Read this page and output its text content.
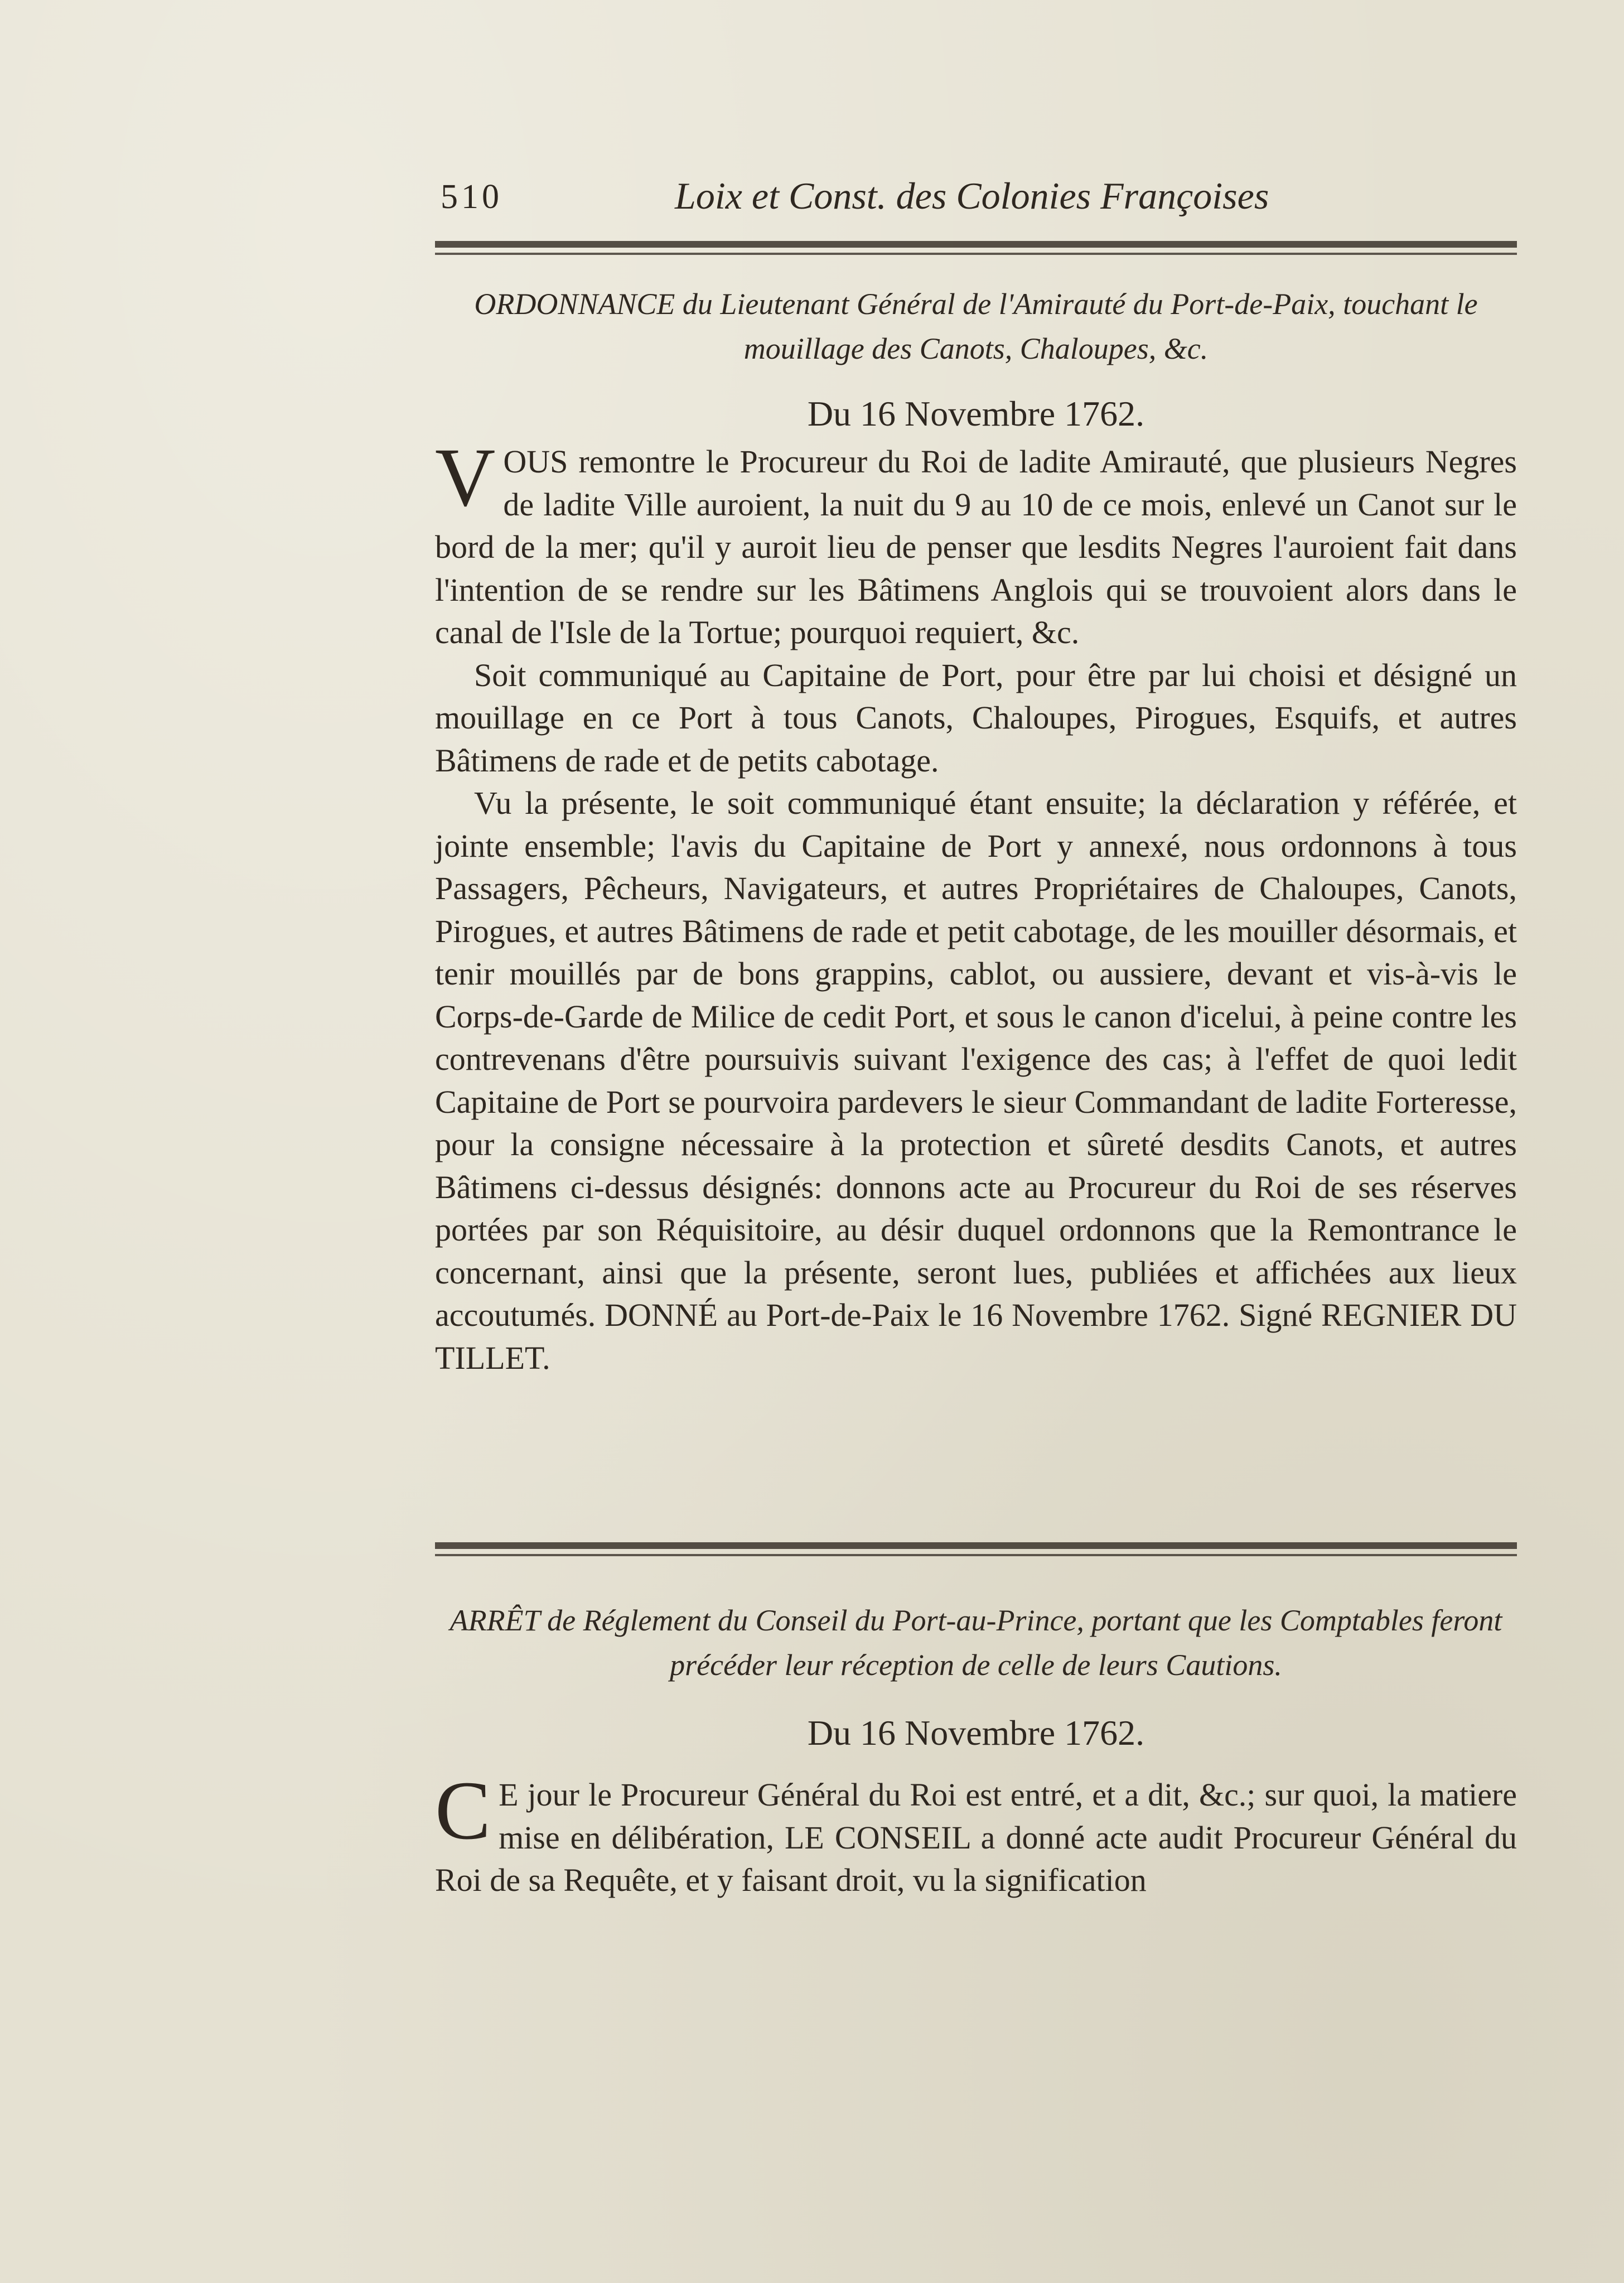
510	Loix et Const. des Colonies Françoises
ORDONNANCE du Lieutenant Général de l'Amirauté du Port-de-Paix, touchant le mouillage des Canots, Chaloupes, &c.
Du 16 Novembre 1762.

VOUS remontre le Procureur du Roi de ladite Amirauté, que plusieurs Negres de ladite Ville auroient, la nuit du 9 au 10 de ce mois, enlevé un Canot sur le bord de la mer; qu'il y auroit lieu de penser que lesdits Negres l'auroient fait dans l'intention de se rendre sur les Bâtimens Anglois qui se trouvoient alors dans le canal de l'Isle de la Tortue; pourquoi requiert, &c.

Soit communiqué au Capitaine de Port, pour être par lui choisi et désigné un mouillage en ce Port à tous Canots, Chaloupes, Pirogues, Esquifs, et autres Bâtimens de rade et de petits cabotage.

Vu la présente, le soit communiqué étant ensuite; la déclaration y référée, et jointe ensemble; l'avis du Capitaine de Port y annexé, nous ordonnons à tous Passagers, Pêcheurs, Navigateurs, et autres Propriétaires de Chaloupes, Canots, Pirogues, et autres Bâtimens de rade et petit cabotage, de les mouiller désormais, et tenir mouillés par de bons grappins, cablot, ou aussiere, devant et vis-à-vis le Corps-de-Garde de Milice de cedit Port, et sous le canon d'icelui, à peine contre les contrevenans d'être poursuivis suivant l'exigence des cas; à l'effet de quoi ledit Capitaine de Port se pourvoira pardevers le sieur Commandant de ladite Forteresse, pour la consigne nécessaire à la protection et sûreté desdits Canots, et autres Bâtimens ci-dessus désignés: donnons acte au Procureur du Roi de ses réserves portées par son Réquisitoire, au désir duquel ordonnons que la Remontrance le concernant, ainsi que la présente, seront lues, publiées et affichées aux lieux accoutumés. DONNÉ au Port-de-Paix le 16 Novembre 1762. Signé REGNIER DU TILLET.

ARRÊT de Réglement du Conseil du Port-au-Prince, portant que les Comptables feront précéder leur réception de celle de leurs Cautions.
Du 16 Novembre 1762.

C E jour le Procureur Général du Roi est entré, et a dit, &c.; sur quoi, la matiere mise en délibération, LE CONSEIL a donné acte audit Procureur Général du Roi de sa Requête, et y faisant droit, vu la signification
